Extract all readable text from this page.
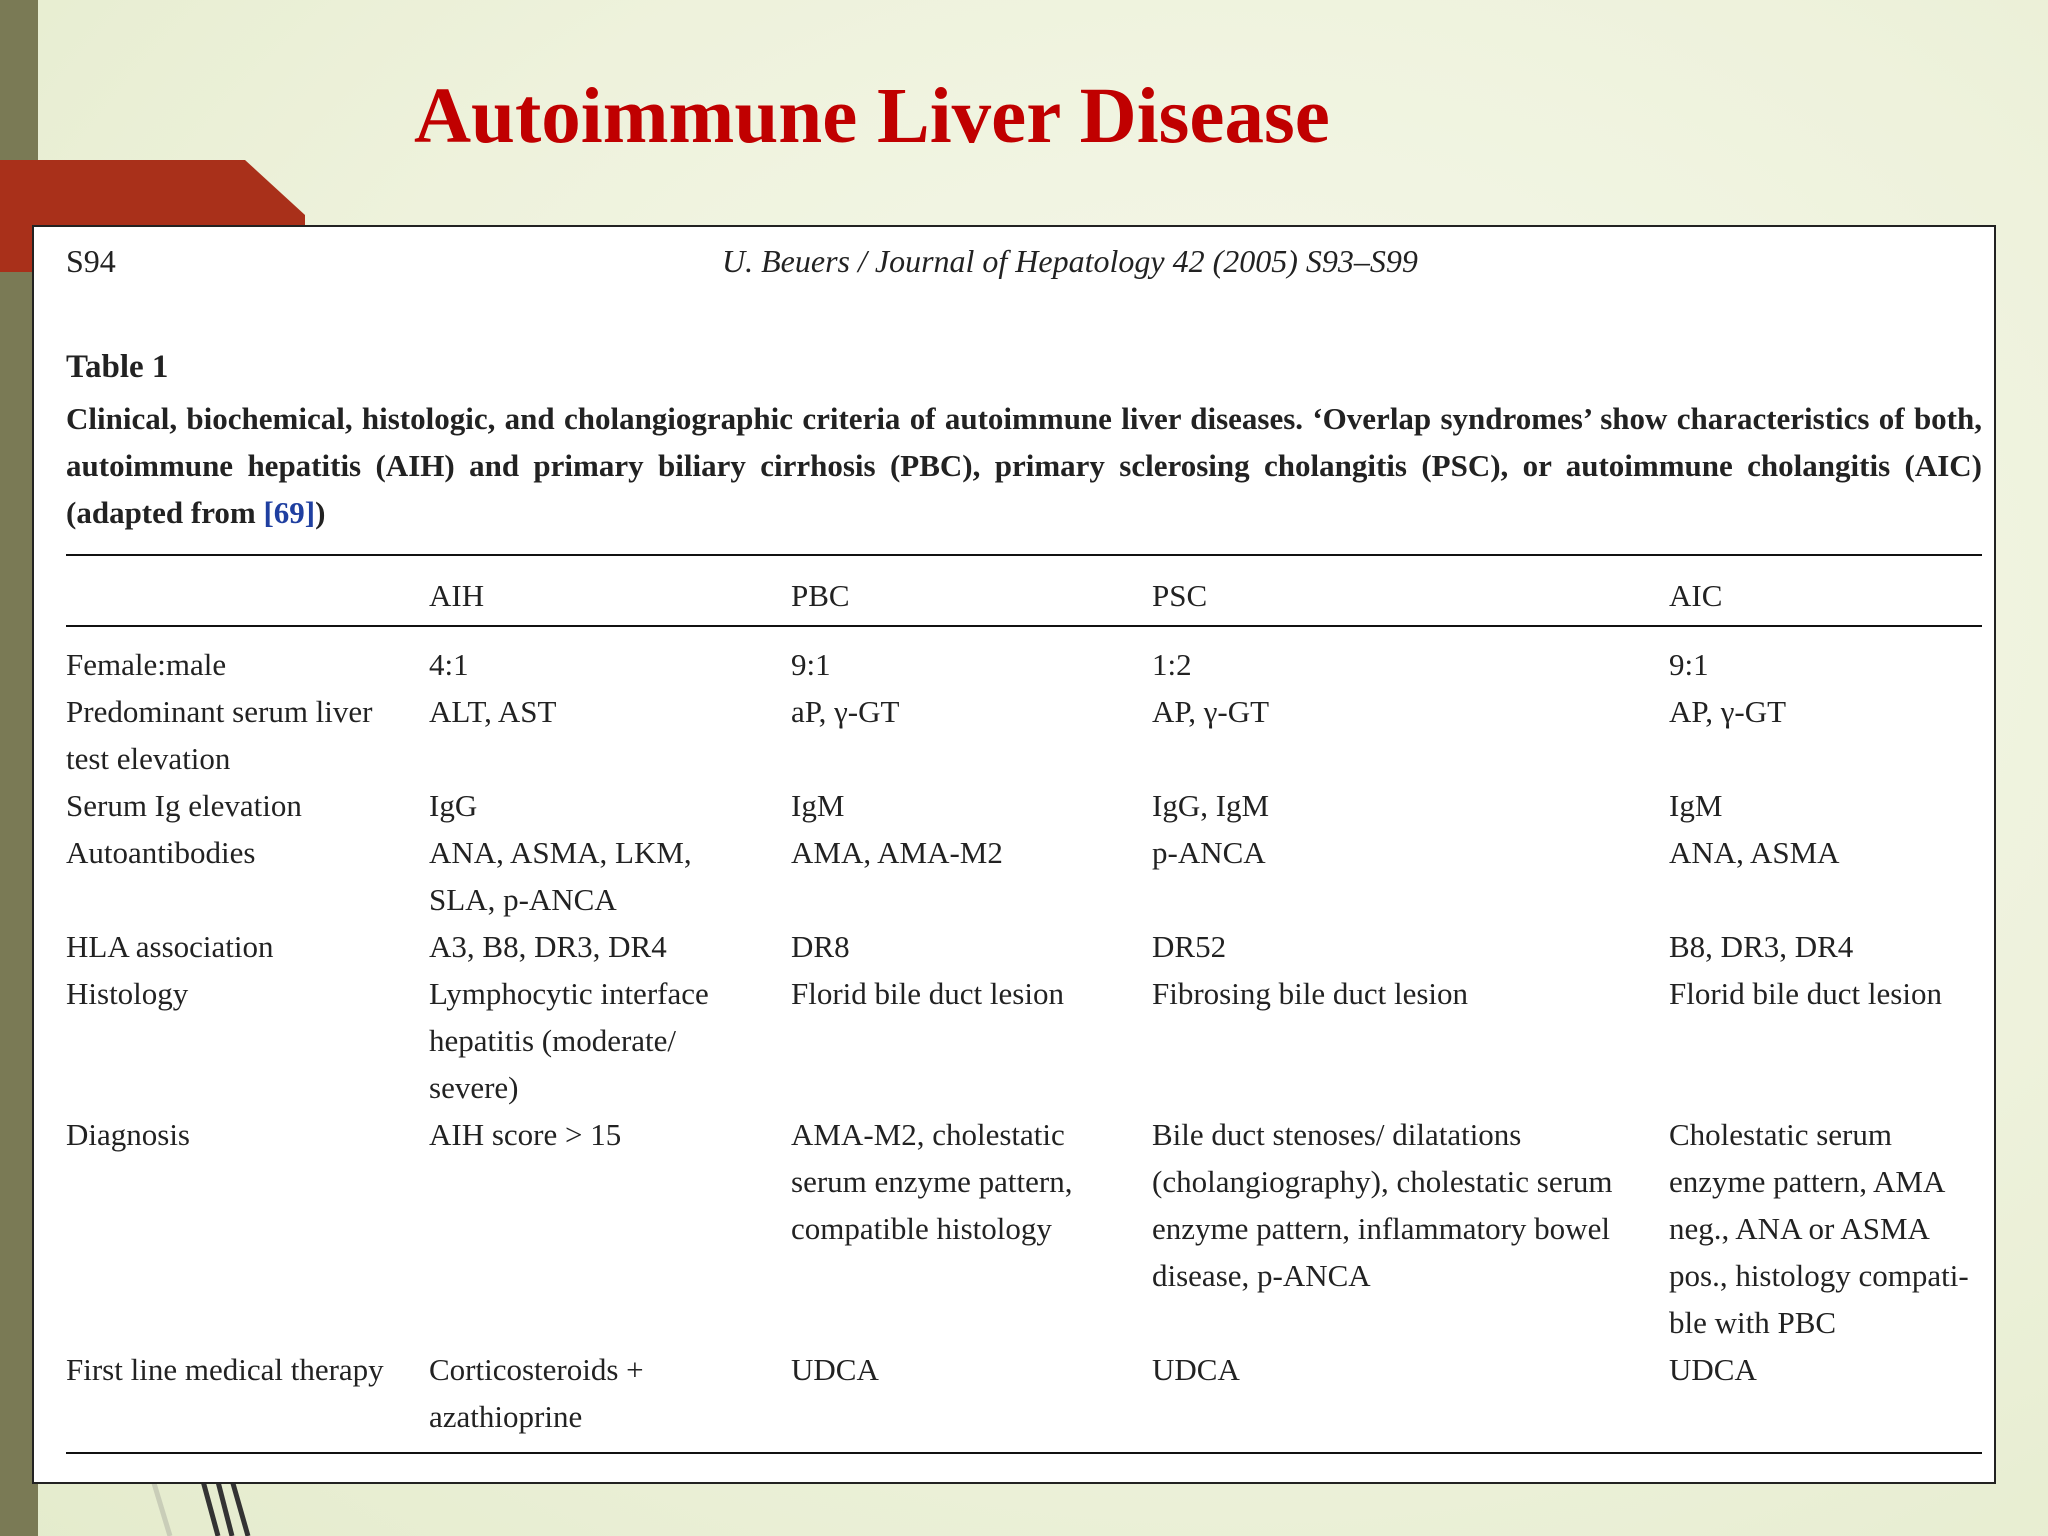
Autoimmune Liver Disease
S94	U. Beuers / Journal of Hepatology 42 (2005) S93–S99
Table 1
Clinical, biochemical, histologic, and cholangiographic criteria of autoimmune liver diseases. ‘Overlap syndromes’ show characteristics of both, autoimmune hepatitis (AIH) and primary biliary cirrhosis (PBC), primary sclerosing cholangitis (PSC), or autoimmune cholangitis (AIC) (adapted from [69])
	AIH	PBC	PSC	AIC

Female:male	4:1	9:1	1:2	9:1
Predominant serum liver test elevation	ALT, AST	aP, γ-GT	AP, γ-GT	AP, γ-GT
Serum Ig elevation	IgG	IgM	IgG, IgM	IgM
Autoantibodies	ANA, ASMA, LKM, SLA, p-ANCA	AMA, AMA-M2	p-ANCA	ANA, ASMA
HLA association	A3, B8, DR3, DR4	DR8	DR52	B8, DR3, DR4
Histology	Lymphocytic interface hepatitis (moderate/ severe)	Florid bile duct lesion	Fibrosing bile duct lesion	Florid bile duct lesion
Diagnosis	AIH score > 15	AMA-M2, cholestatic serum enzyme pattern, compatible histology	Bile duct stenoses/ dilatations (cholangiography), cholestatic serum enzyme pattern, inflammatory bowel disease, p-ANCA	Cholestatic serum enzyme pattern, AMA neg., ANA or ASMA pos., histology compati-ble with PBC
First line medical therapy	Corticosteroids + azathioprine	UDCA	UDCA	UDCA
